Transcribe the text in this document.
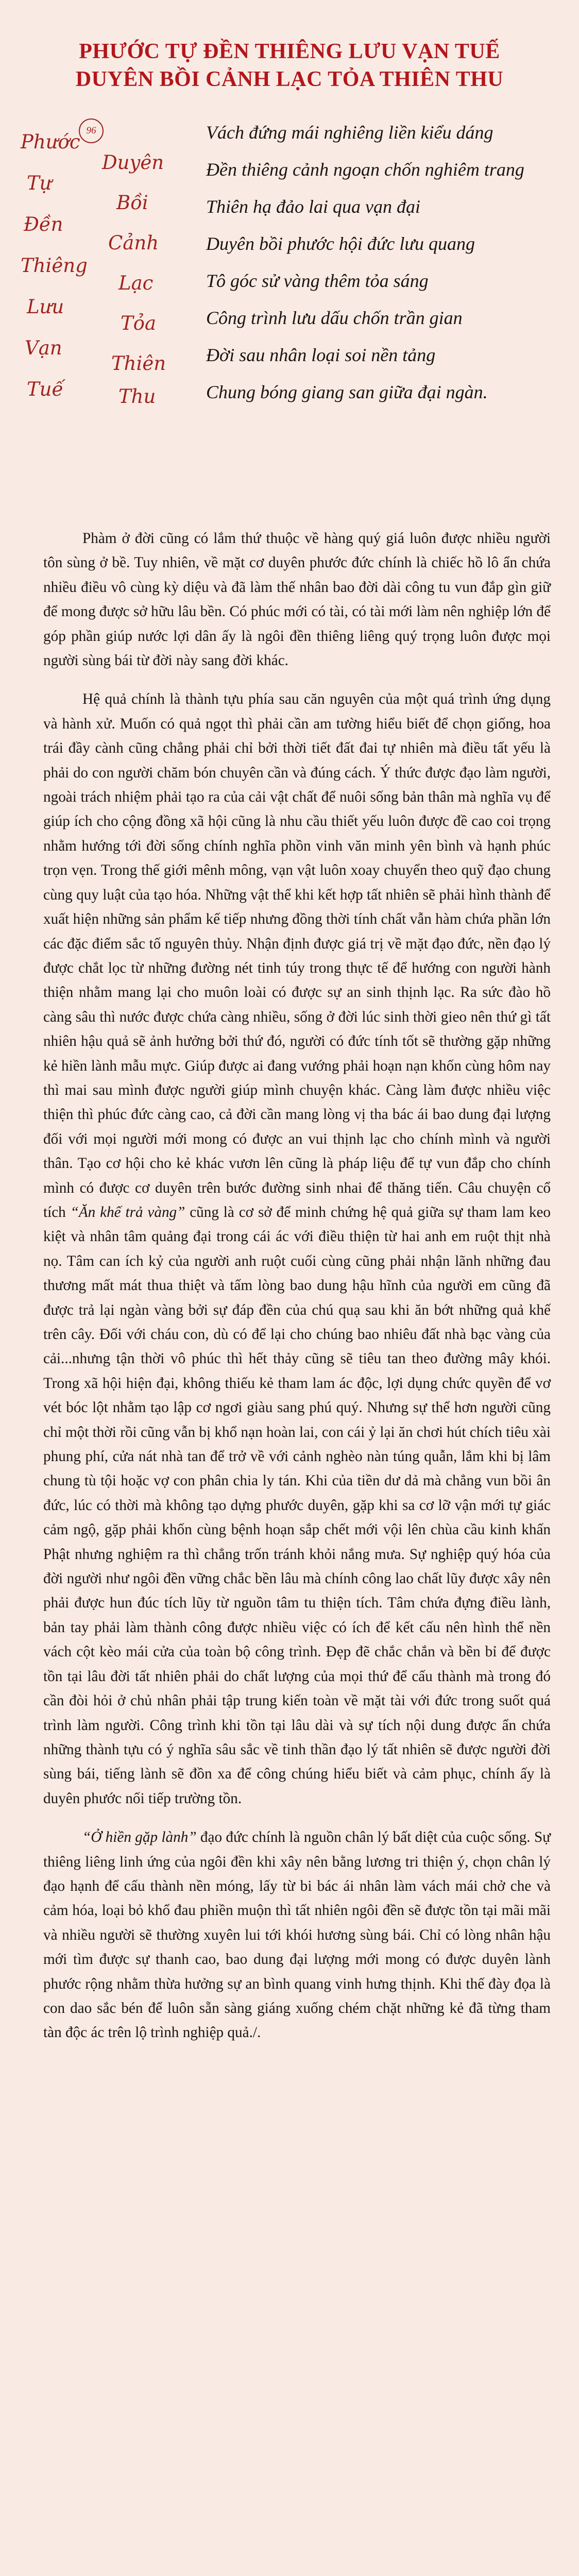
PHƯỚC TỰ ĐỀN THIÊNG LƯU VẠN TUẾ
DUYÊN BỒI CẢNH LẠC TỎA THIÊN THU
96
Phước
Tự
Đền
Thiêng
Lưu
Vạn
Tuế
Duyên
Bồi
Cảnh
Lạc
Tỏa
Thiên
Thu
Vách đứng mái nghiêng liền kiểu dáng
Đền thiêng cảnh ngoạn chốn nghiêm trang
Thiên hạ đảo lai qua vạn đại
Duyên bồi phước hội đức lưu quang
Tô góc sử vàng thêm tỏa sáng
Công trình lưu dấu chốn trần gian
Đời sau nhân loại soi nền tảng
Chung bóng giang san giữa đại ngàn.

Phàm ở đời cũng có lắm thứ thuộc về hàng quý giá luôn được nhiều người tôn sùng ở bề. Tuy nhiên, về mặt cơ duyên phước đức chính là chiếc hồ lô ẩn chứa nhiều điều vô cùng kỳ diệu và đã làm thế nhân bao đời dài công tu vun đắp gìn giữ để mong được sở hữu lâu bền. Có phúc mới có tài, có tài mới làm nên nghiệp lớn để góp phần giúp nước lợi dân ấy là ngôi đền thiêng liêng quý trọng luôn được mọi người sùng bái từ đời này sang đời khác.

Hệ quả chính là thành tựu phía sau căn nguyên của một quá trình ứng dụng và hành xử. Muốn có quả ngọt thì phải cần am tường hiểu biết để chọn giống, hoa trái đầy cành cũng chẳng phải chỉ bởi thời tiết đất đai tự nhiên mà điều tất yếu là phải do con người chăm bón chuyên cần và đúng cách. Ý thức được đạo làm người, ngoài trách nhiệm phải tạo ra của cải vật chất để nuôi sống bản thân mà nghĩa vụ để giúp ích cho cộng đồng xã hội cũng là nhu cầu thiết yếu luôn được đề cao coi trọng nhằm hướng tới đời sống chính nghĩa phồn vinh văn minh yên bình và hạnh phúc trọn vẹn. Trong thế giới mênh mông, vạn vật luôn xoay chuyển theo quỹ đạo chung cùng quy luật của tạo hóa. Những vật thể khi kết hợp tất nhiên sẽ phải hình thành để xuất hiện những sản phẩm kế tiếp nhưng đồng thời tính chất vẫn hàm chứa phần lớn các đặc điểm sắc tố nguyên thủy. Nhận định được giá trị về mặt đạo đức, nền đạo lý được chắt lọc từ những đường nét tinh túy trong thực tế để hướng con người hành thiện nhằm mang lại cho muôn loài có được sự an sinh thịnh lạc. Ra sức đào hồ càng sâu thì nước được chứa càng nhiều, sống ở đời lúc sinh thời gieo nên thứ gì tất nhiên hậu quả sẽ ảnh hưởng bởi thứ đó, người có đức tính tốt sẽ thường gặp những kẻ hiền lành mẫu mực. Giúp được ai đang vướng phải hoạn nạn khốn cùng hôm nay thì mai sau mình được người giúp mình chuyện khác. Càng làm được nhiều việc thiện thì phúc đức càng cao, cả đời cần mang lòng vị tha bác ái bao dung đại lượng đối với mọi người mới mong có được an vui thịnh lạc cho chính mình và người thân. Tạo cơ hội cho kẻ khác vươn lên cũng là pháp liệu để tự vun đắp cho chính mình có được cơ duyên trên bước đường sinh nhai để thăng tiến. Câu chuyện cổ tích “Ăn khế trả vàng” cũng là cơ sở để minh chứng hệ quả giữa sự tham lam keo kiệt và nhân tâm quảng đại trong cái ác với điều thiện từ hai anh em ruột thịt nhà nọ. Tâm can ích kỷ của người anh ruột cuối cùng cũng phải nhận lãnh những đau thương mất mát thua thiệt và tấm lòng bao dung hậu hĩnh của người em cũng đã được trả lại ngàn vàng bởi sự đáp đền của chú quạ sau khi ăn bớt những quả khế trên cây. Đối với cháu con, dù có để lại cho chúng bao nhiêu đất nhà bạc vàng của cải...nhưng tận thời vô phúc thì hết thảy cũng sẽ tiêu tan theo đường mây khói. Trong xã hội hiện đại, không thiếu kẻ tham lam ác độc, lợi dụng chức quyền để vơ vét bóc lột nhằm tạo lập cơ ngơi giàu sang phú quý. Nhưng sự thể hơn người cũng chỉ một thời rồi cũng vẫn bị khổ nạn hoàn lai, con cái ỷ lại ăn chơi hút chích tiêu xài phung phí, cửa nát nhà tan để trở về với cảnh nghèo nàn túng quẫn, lắm khi bị lâm chung tù tội hoặc vợ con phân chia ly tán. Khi của tiền dư dả mà chẳng vun bồi ân đức, lúc có thời mà không tạo dựng phước duyên, gặp khi sa cơ lỡ vận mới tự giác cảm ngộ, gặp phải khốn cùng bệnh hoạn sắp chết mới vội lên chùa cầu kinh khấn Phật nhưng nghiệm ra thì chẳng trốn tránh khỏi nắng mưa. Sự nghiệp quý hóa của đời người như ngôi đền vững chắc bền lâu mà chính công lao chất lũy được xây nên phải được hun đúc tích lũy từ nguồn tâm tu thiện tích. Tâm chứa đựng điều lành, bản tay phải làm thành công được nhiều việc có ích để kết cấu nên hình thể nền vách cột kèo mái cửa của toàn bộ công trình. Đẹp đẽ chắc chắn và bền bỉ để được tồn tại lâu đời tất nhiên phải do chất lượng của mọi thứ để cấu thành mà trong đó cần đòi hỏi ở chủ nhân phải tập trung kiến toàn về mặt tài với đức trong suốt quá trình làm người. Công trình khi tồn tại lâu dài và sự tích nội dung được ẩn chứa những thành tựu có ý nghĩa sâu sắc về tinh thần đạo lý tất nhiên sẽ được người đời sùng bái, tiếng lành sẽ đồn xa để công chúng hiểu biết và cảm phục, chính ấy là duyên phước nối tiếp trường tồn.

“Ở hiền gặp lành” đạo đức chính là nguồn chân lý bất diệt của cuộc sống. Sự thiêng liêng linh ứng của ngôi đền khi xây nên bằng lương tri thiện ý, chọn chân lý đạo hạnh để cấu thành nền móng, lấy từ bi bác ái nhân làm vách mái chở che và cảm hóa, loại bỏ khổ đau phiền muộn thì tất nhiên ngôi đền sẽ được tồn tại mãi mãi và nhiều người sẽ thường xuyên lui tới khói hương sùng bái. Chỉ có lòng nhân hậu mới tìm được sự thanh cao, bao dung đại lượng mới mong có được duyên lành phước rộng nhằm thừa hưởng sự an bình quang vinh hưng thịnh. Khi thế đày đọa là con dao sắc bén để luôn sẵn sàng giáng xuống chém chặt những kẻ đã từng tham tàn độc ác trên lộ trình nghiệp quả./.
